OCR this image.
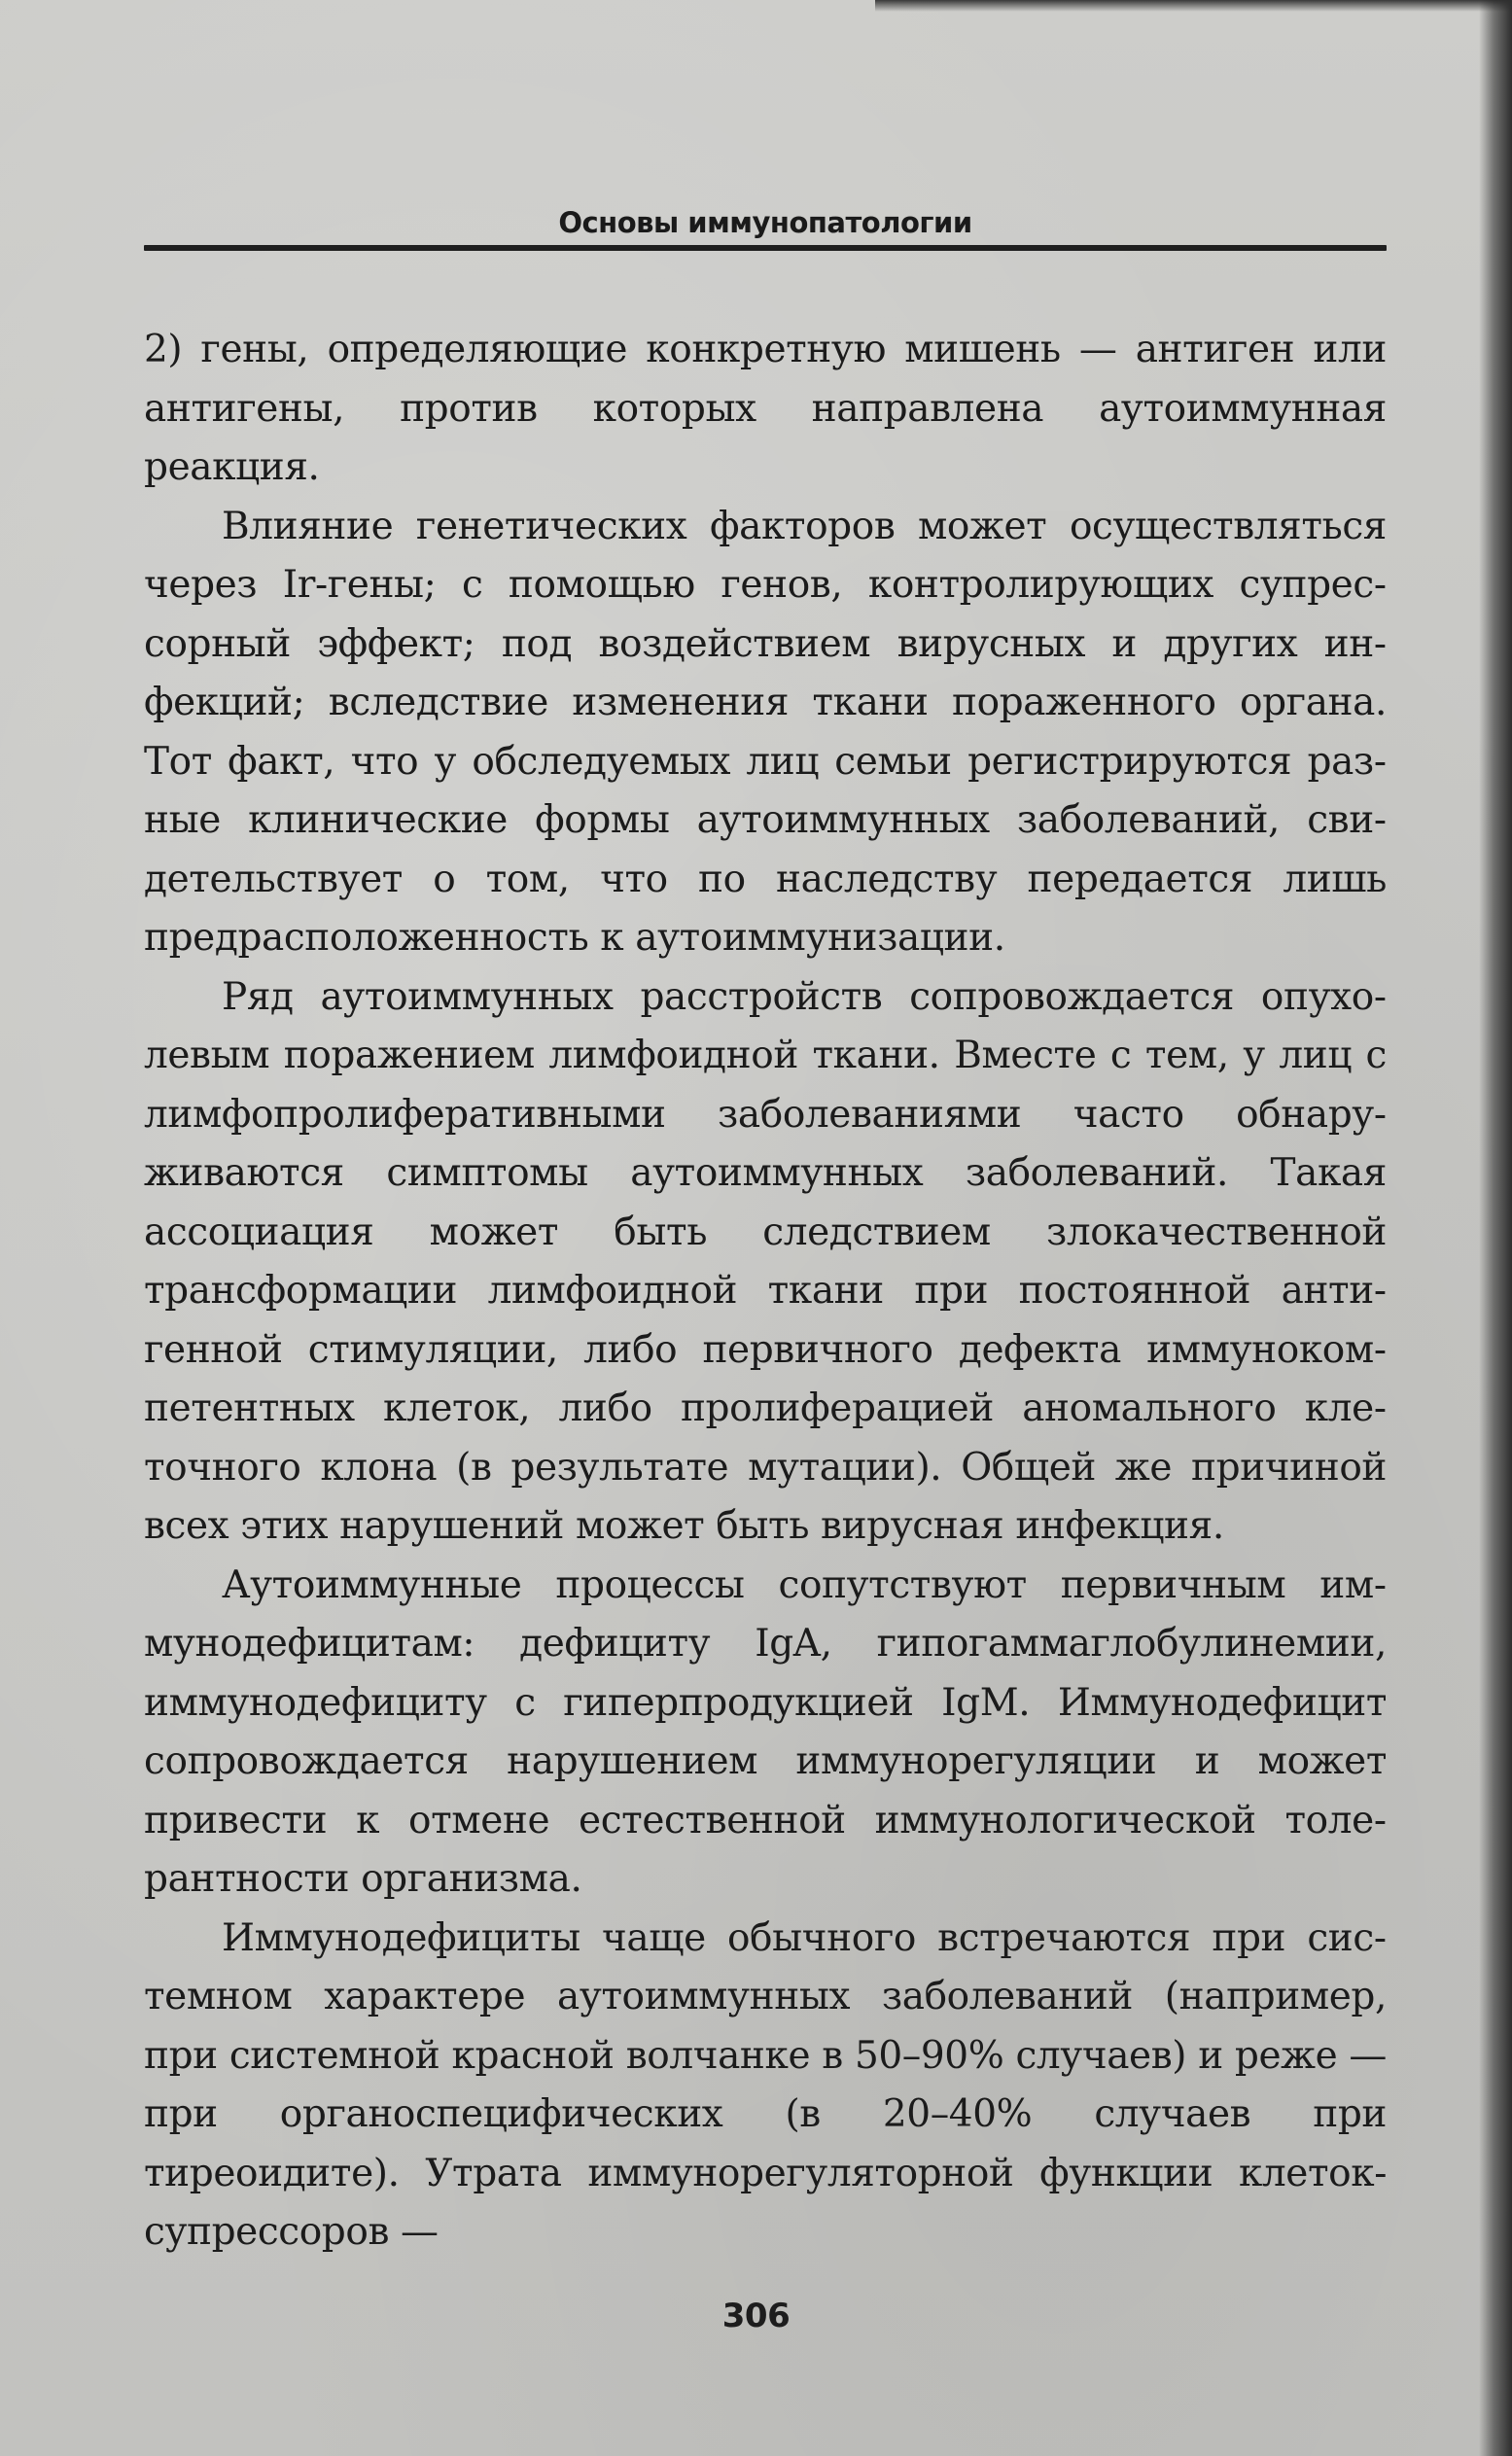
Основы иммунопатологии

2) гены, определяющие конкретную мишень — антиген или антигены, против которых направлена аутоиммунная реакция.

Влияние генетических факторов может осуществляться через Ir-гены; с помощью генов, контролирующих супрессорный эффект; под воздействием вирусных и других инфекций; вследствие изменения ткани пораженного органа. Тот факт, что у обследуемых лиц семьи регистрируются разные клинические формы аутоиммунных заболеваний, свидетельствует о том, что по наследству передается лишь предрасположенность к аутоиммунизации.

Ряд аутоиммунных расстройств сопровождается опухолевым поражением лимфоидной ткани. Вместе с тем, у лиц с лимфопролиферативными заболеваниями часто обнаруживаются симптомы аутоиммунных заболеваний. Такая ассоциация может быть следствием злокачественной трансформации лимфоидной ткани при постоянной антигенной стимуляции, либо первичного дефекта иммунокомпетентных клеток, либо пролиферацией аномального клеточного клона (в результате мутации). Общей же причиной всех этих нарушений может быть вирусная инфекция.

Аутоиммунные процессы сопутствуют первичным иммунодефицитам: дефициту IgA, гипогаммаглобулинемии, иммунодефициту с гиперпродукцией IgM. Иммунодефицит сопровождается нарушением иммунорегуляции и может привести к отмене естественной иммунологической толерантности организма.

Иммунодефициты чаще обычного встречаются при системном характере аутоиммунных заболеваний (например, при системной красной волчанке в 50–90% случаев) и реже — при органоспецифических (в 20–40% случаев при тиреоидите). Утрата иммунорегуляторной функции клеток-супрессоров —

306
